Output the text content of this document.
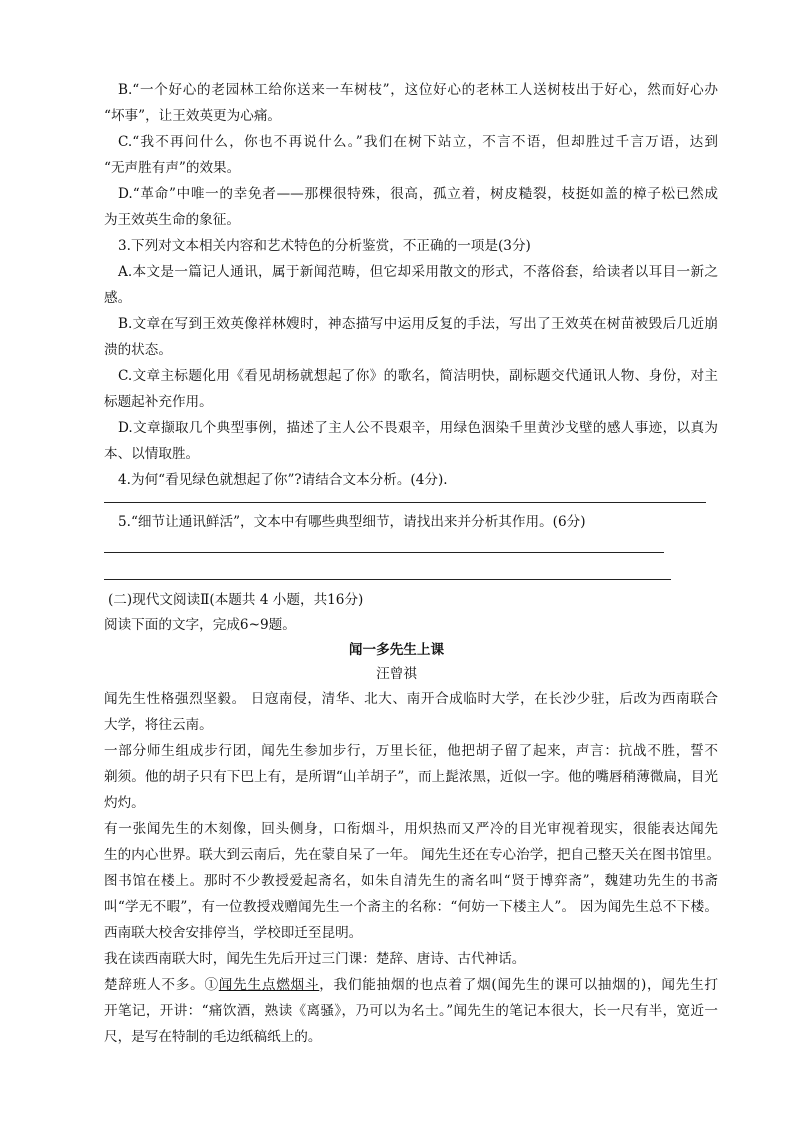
B.“一个好心的老园林工给你送来一车树枝”，这位好心的老林工人送树枝出于好心，然而好心办
“坏事”，让王效英更为心痛。
C.“我不再问什么，你也不再说什么。”我们在树下站立，不言不语，但却胜过千言万语，达到
“无声胜有声”的效果。
D.“革命”中唯一的幸免者——那棵很特殊，很高，孤立着，树皮糙裂，枝挺如盖的樟子松已然成
为王效英生命的象征。
3.下列对文本相关内容和艺术特色的分析鉴赏，不正确的一项是(3分)
A.本文是一篇记人通讯，属于新闻范畴，但它却采用散文的形式，不落俗套，给读者以耳目一新之
感。
B.文章在写到王效英像祥林嫂时，神态描写中运用反复的手法，写出了王效英在树苗被毁后几近崩
溃的状态。
C.文章主标题化用《看见胡杨就想起了你》的歌名，简洁明快，副标题交代通讯人物、身份，对主
标题起补充作用。
D.文章撷取几个典型事例，描述了主人公不畏艰辛，用绿色洇染千里黄沙戈壁的感人事迹，以真为
本、以情取胜。
4.为何“看见绿色就想起了你”?请结合文本分析。(4分).
5.“细节让通讯鲜活”，文本中有哪些典型细节，请找出来并分析其作用。(6分)
(二)现代文阅读Ⅱ(本题共 4 小题，共16分)
阅读下面的文字，完成6~9题。
闻一多先生上课
汪曾祺
闻先生性格强烈坚毅。 日寇南侵，清华、北大、南开合成临时大学，在长沙少驻，后改为西南联合
大学，将往云南。
一部分师生组成步行团，闻先生参加步行，万里长征，他把胡子留了起来，声言：抗战不胜，誓不
剃须。他的胡子只有下巴上有，是所谓“山羊胡子”，而上髭浓黑，近似一字。他的嘴唇稍薄微扁，目光
灼灼。
有一张闻先生的木刻像，回头侧身，口衔烟斗，用炽热而又严冷的目光审视着现实，很能表达闻先
生的内心世界。联大到云南后，先在蒙自呆了一年。 闻先生还在专心治学，把自己整天关在图书馆里。
图书馆在楼上。那时不少教授爱起斋名，如朱自清先生的斋名叫“贤于博弈斋”，魏建功先生的书斋
叫“学无不暇”，有一位教授戏赠闻先生一个斋主的名称：“何妨一下楼主人”。 因为闻先生总不下楼。
西南联大校舍安排停当，学校即迁至昆明。
我在读西南联大时，闻先生先后开过三门课：楚辞、唐诗、古代神话。
楚辞班人不多。①闻先生点燃烟斗，我们能抽烟的也点着了烟(闻先生的课可以抽烟的)，闻先生打
开笔记，开讲：“痛饮酒，熟读《离骚》，乃可以为名士。”闻先生的笔记本很大，长一尺有半，宽近一
尺，是写在特制的毛边纸稿纸上的。
